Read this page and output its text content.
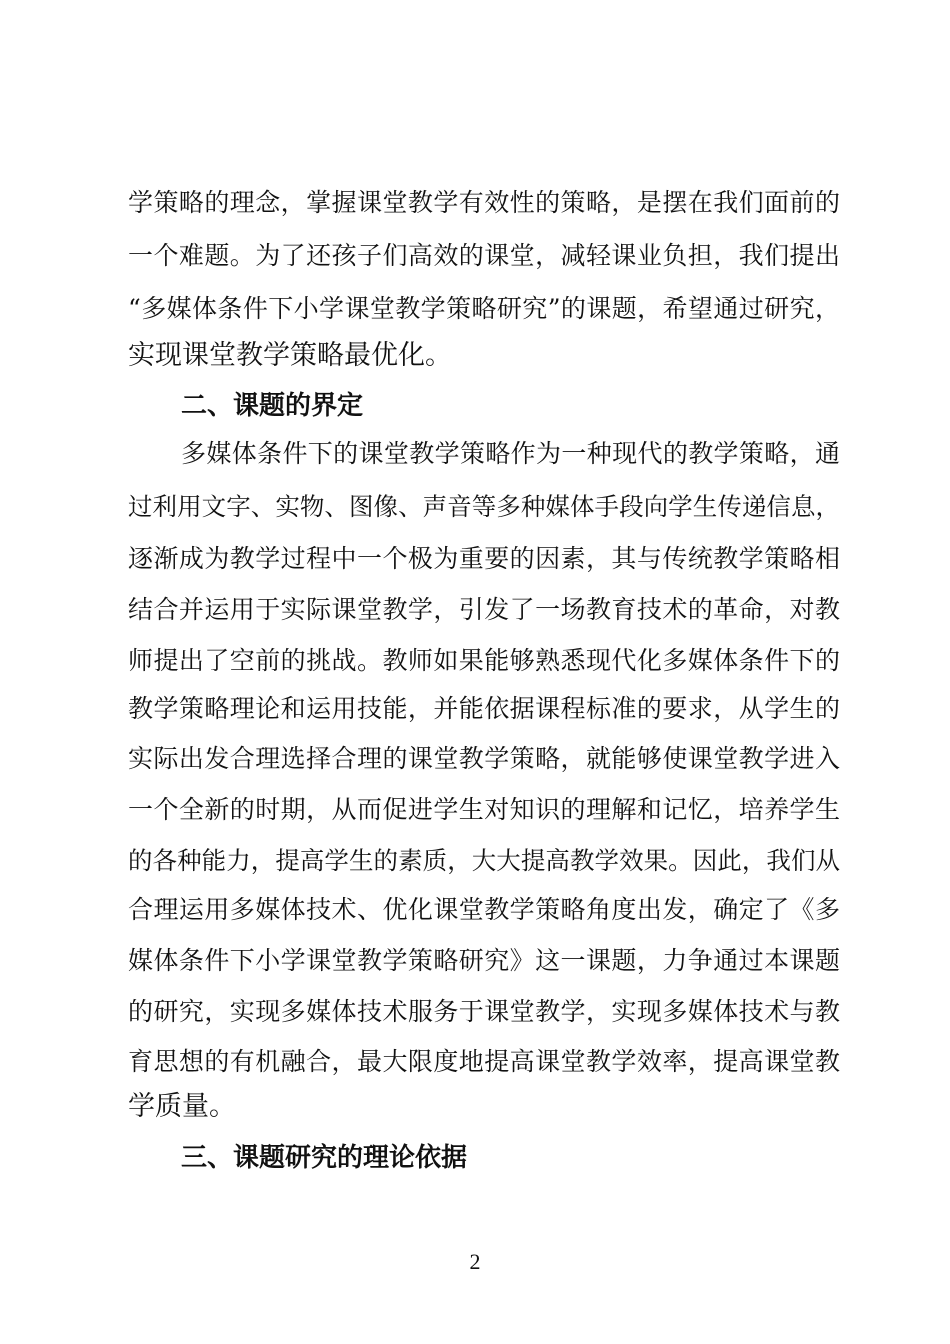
学策略的理念，掌握课堂教学有效性的策略，是摆在我们面前的
一个难题。为了还孩子们高效的课堂，减轻课业负担，我们提出
“多媒体条件下小学课堂教学策略研究”的课题，希望通过研究，
实现课堂教学策略最优化。
二、课题的界定
多媒体条件下的课堂教学策略作为一种现代的教学策略，通
过利用文字、实物、图像、声音等多种媒体手段向学生传递信息，
逐渐成为教学过程中一个极为重要的因素，其与传统教学策略相
结合并运用于实际课堂教学，引发了一场教育技术的革命，对教
师提出了空前的挑战。教师如果能够熟悉现代化多媒体条件下的
教学策略理论和运用技能，并能依据课程标准的要求，从学生的
实际出发合理选择合理的课堂教学策略，就能够使课堂教学进入
一个全新的时期，从而促进学生对知识的理解和记忆，培养学生
的各种能力，提高学生的素质，大大提高教学效果。因此，我们从
合理运用多媒体技术、优化课堂教学策略角度出发，确定了《多
媒体条件下小学课堂教学策略研究》这一课题，力争通过本课题
的研究，实现多媒体技术服务于课堂教学，实现多媒体技术与教
育思想的有机融合，最大限度地提高课堂教学效率，提高课堂教
学质量。
三、课题研究的理论依据
2
